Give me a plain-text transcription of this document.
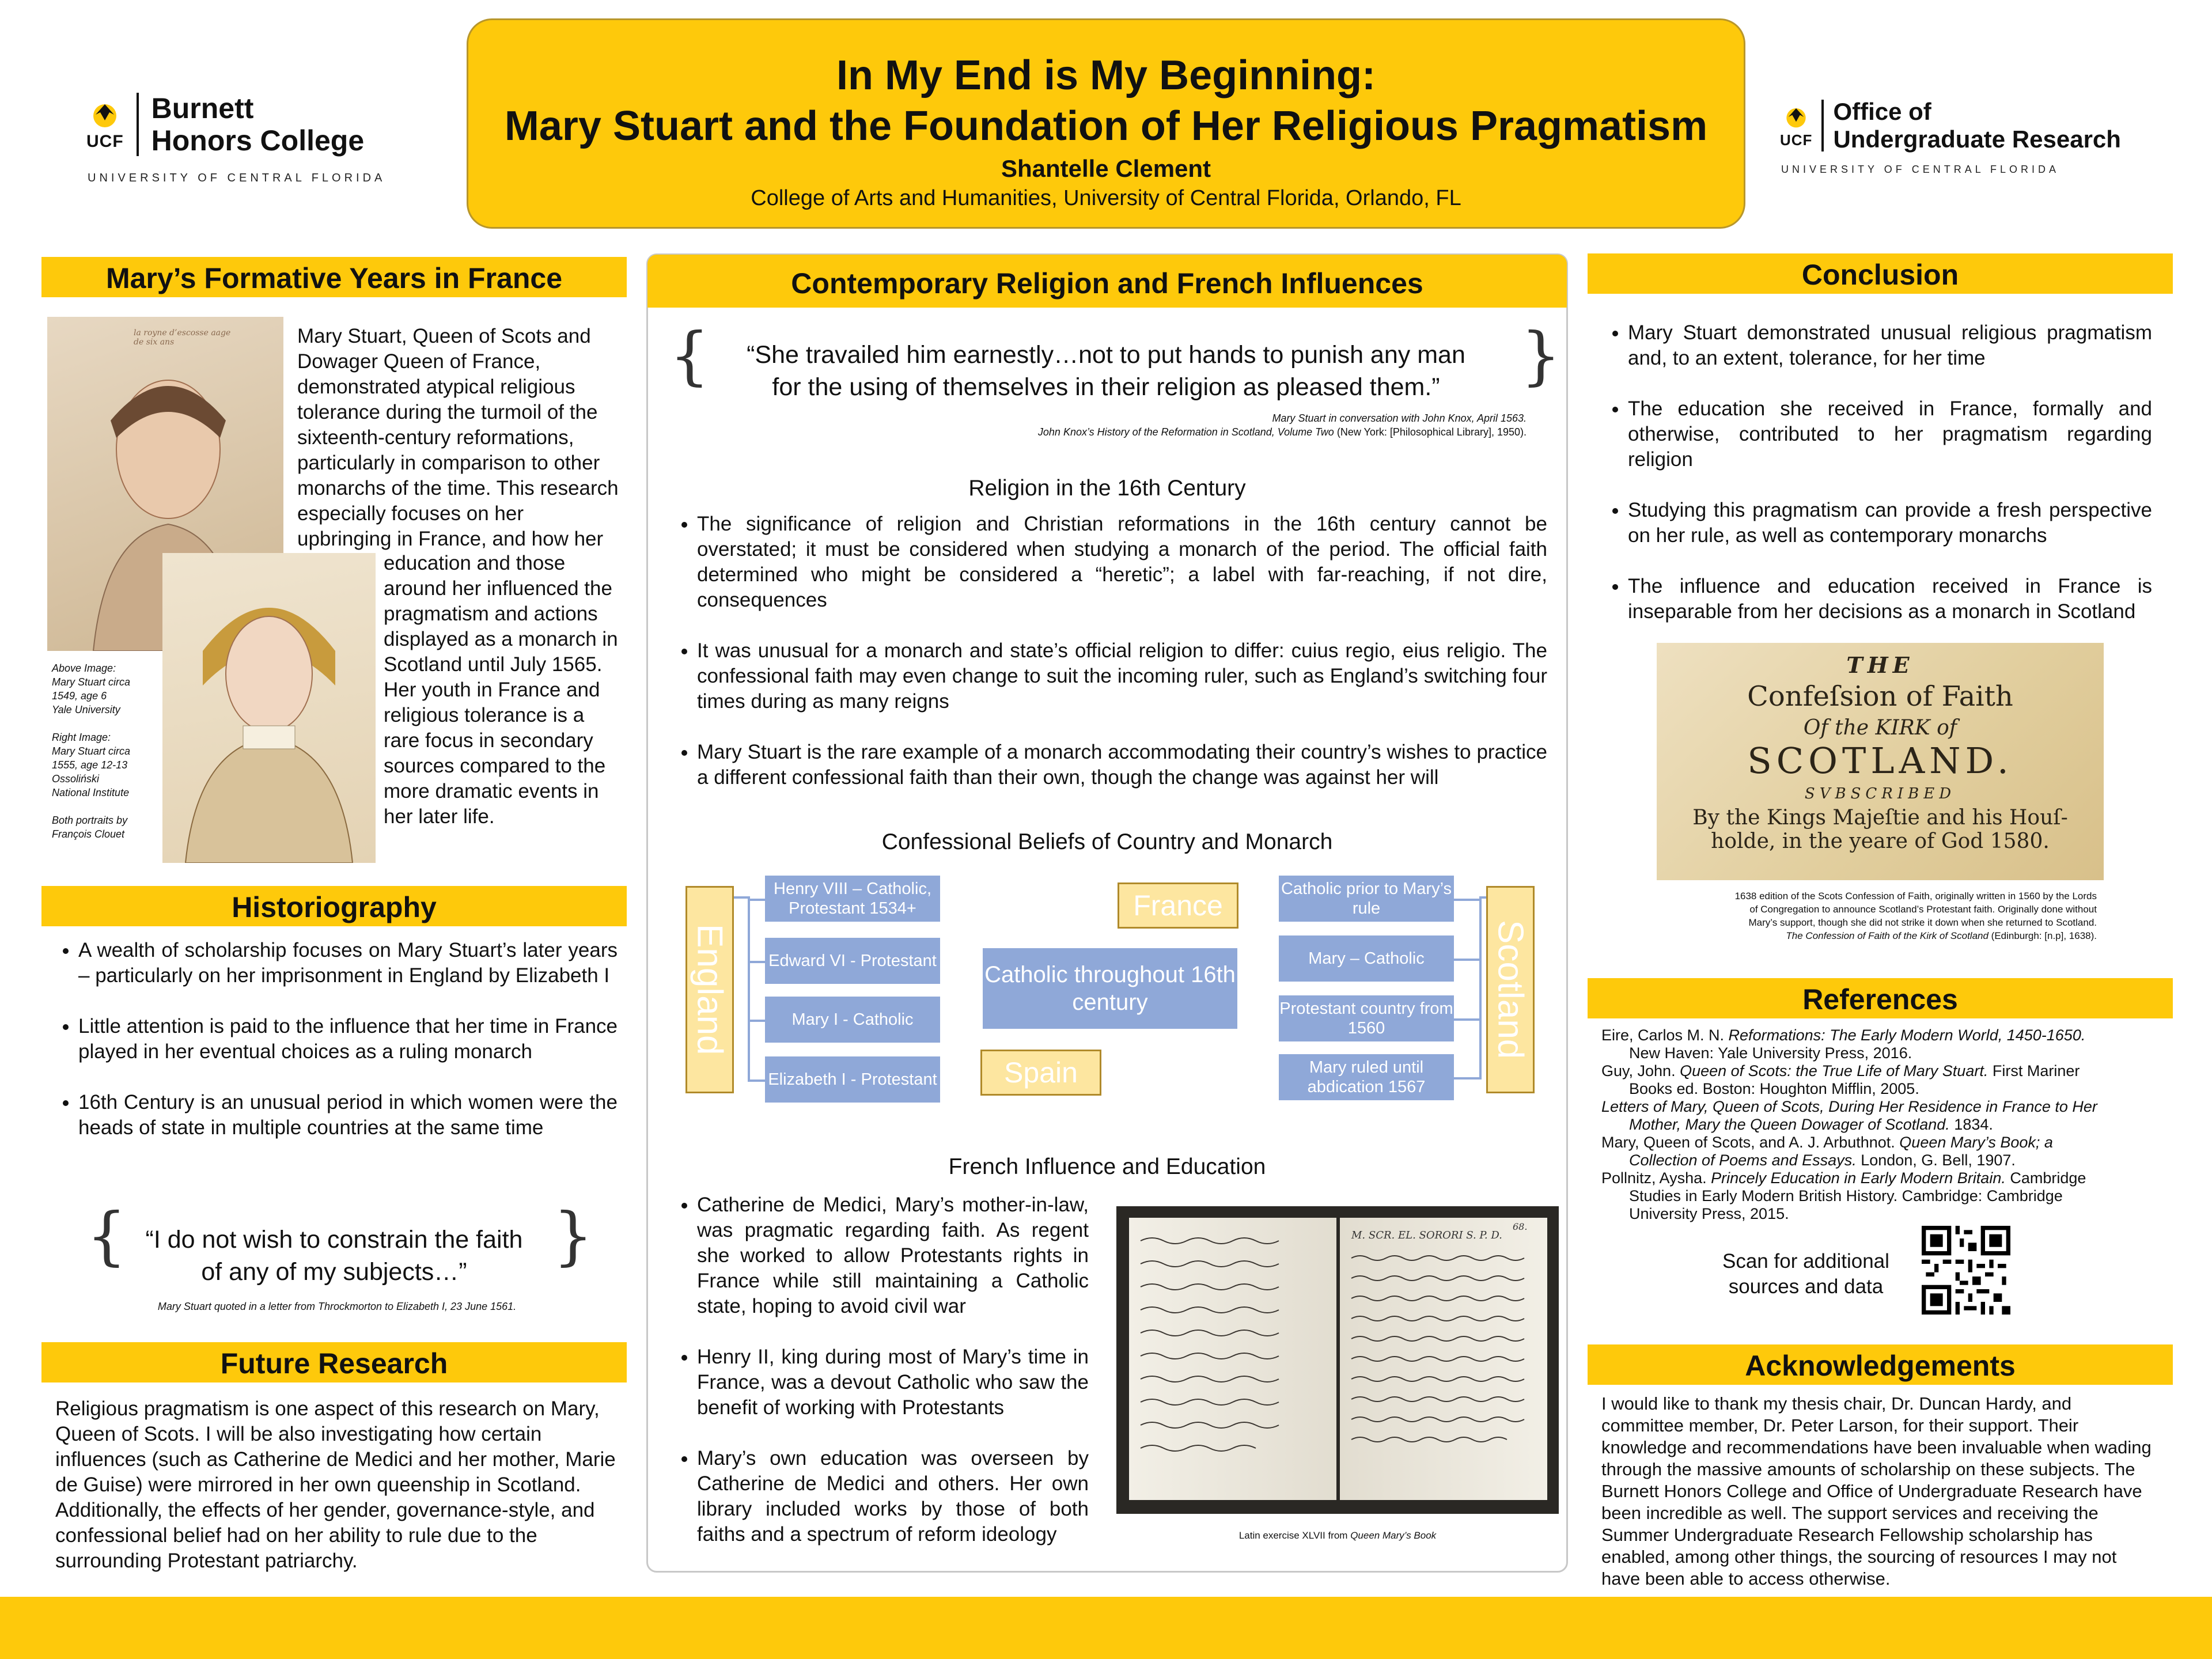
UCF
Burnett
Honors College
UNIVERSITY OF CENTRAL FLORIDA
In My End is My Beginning:
Mary Stuart and the Foundation of Her Religious Pragmatism
Shantelle Clement
College of Arts and Humanities, University of Central Florida, Orlando, FL
UCF
Office of
Undergraduate Research
UNIVERSITY OF CENTRAL FLORIDA
Mary’s Formative Years in France
la royne d’escosse aage
de six ans	Mary Stuart, Queen of Scots and Dowager Queen of France, demonstrated atypical religious tolerance during the turmoil of the sixteenth-century reformations, particularly in comparison to other monarchs of the time. This research especially focuses on her upbringing in France, and how her
education and those around her influenced the pragmatism and actions displayed as a monarch in Scotland until July 1565. Her youth in France and religious tolerance is a rare focus in secondary sources compared to the more dramatic events in her later life.
Above Image:
Mary Stuart circa
1549, age 6
Yale University
Right Image:
Mary Stuart circa
1555, age 12-13
Ossoliński
National Institute
Both portraits by
François Clouet
Historiography
• A wealth of scholarship focuses on Mary Stuart’s later years – particularly on her imprisonment in England by Elizabeth I
• Little attention is paid to the influence that her time in France played in her eventual choices as a ruling monarch
• 16th Century is an unusual period in which women were the heads of state in multiple countries at the same time
{	}
“I do not wish to constrain the faith
of any of my subjects…”
Mary Stuart quoted in a letter from Throckmorton to Elizabeth I, 23 June 1561.
Future Research
Religious pragmatism is one aspect of this research on Mary, Queen of Scots. I will be also investigating how certain influences (such as Catherine de Medici and her mother, Marie de Guise) were mirrored in her own queenship in Scotland. Additionally, the effects of her gender, governance-style, and confessional belief had on her ability to rule due to the surrounding Protestant patriarchy.
Contemporary Religion and French Influences
{	}
“She travailed him earnestly…not to put hands to punish any man
for the using of themselves in their religion as pleased them.”
Mary Stuart in conversation with John Knox, April 1563.
John Knox’s History of the Reformation in Scotland, Volume Two (New York: [Philosophical Library], 1950).
Religion in the 16th Century
• The significance of religion and Christian reformations in the 16th century cannot be overstated; it must be considered when studying a monarch of the period. The official faith determined who might be considered a “heretic”; a label with far-reaching, if not dire, consequences
• It was unusual for a monarch and state’s official religion to differ: cuius regio, eius religio. The confessional faith may even change to suit the incoming ruler, such as England’s switching four times during as many reigns
• Mary Stuart is the rare example of a monarch accommodating their country’s wishes to practice a different confessional faith than their own, though the change was against her will
Confessional Beliefs of Country and Monarch
England
Henry VIII – Catholic, Protestant 1534+
Edward VI - Protestant
Mary I - Catholic
Elizabeth I - Protestant
France
Catholic throughout 16th century
Spain
Catholic prior to Mary’s rule
Mary – Catholic
Protestant country from 1560
Mary ruled until abdication 1567
Scotland
French Influence and Education
• Catherine de Medici, Mary’s mother-in-law, was pragmatic regarding faith. As regent she worked to allow Protestants rights in France while still maintaining a Catholic state, hoping to avoid civil war
• Henry II, king during most of Mary’s time in France, was a devout Catholic who saw the benefit of working with Protestants
• Mary’s own education was overseen by Catherine de Medici and others. Her own library included works by those of both faiths and a spectrum of reform ideology
68.
M. SCR. EL. SORORI S. P. D.
Latin exercise XLVII from Queen Mary’s Book
Conclusion
• Mary Stuart demonstrated unusual religious pragmatism and, to an extent, tolerance, for her time
• The education she received in France, formally and otherwise, contributed to her pragmatism regarding religion
• Studying this pragmatism can provide a fresh perspective on her rule, as well as contemporary monarchs
• The influence and education received in France is inseparable from her decisions as a monarch in Scotland
THE
Confeſsion of Faith
Of the KIRK of
SCOTLAND.
SVBSCRIBED
By the Kings Majeſtie and his Houſ-
holde, in the yeare of God 1580.
1638 edition of the Scots Confession of Faith, originally written in 1560 by the Lords
of Congregation to announce Scotland’s Protestant faith. Originally done without
Mary’s support, though she did not strike it down when she returned to Scotland.
The Confession of Faith of the Kirk of Scotland (Edinburgh: [n.p], 1638).
References

Eire, Carlos M. N. Reformations: The Early Modern World, 1450-1650. New Haven: Yale University Press, 2016.

Guy, John. Queen of Scots: the True Life of Mary Stuart. First Mariner Books ed. Boston: Houghton Mifflin, 2005.

Letters of Mary, Queen of Scots, During Her Residence in France to Her Mother, Mary the Queen Dowager of Scotland. 1834.

Mary, Queen of Scots, and A. J. Arbuthnot. Queen Mary’s Book; a Collection of Poems and Essays. London, G. Bell, 1907.

Pollnitz, Aysha. Princely Education in Early Modern Britain. Cambridge Studies in Early Modern British History. Cambridge: Cambridge University Press, 2015.

Scan for additional
sources and data
Acknowledgements
I would like to thank my thesis chair, Dr. Duncan Hardy, and committee member, Dr. Peter Larson, for their support. Their knowledge and recommendations have been invaluable when wading through the massive amounts of scholarship on these subjects. The Burnett Honors College and Office of Undergraduate Research have been incredible as well. The support services and receiving the Summer Undergraduate Research Fellowship scholarship has enabled, among other things, the sourcing of resources I may not have been able to access otherwise.
